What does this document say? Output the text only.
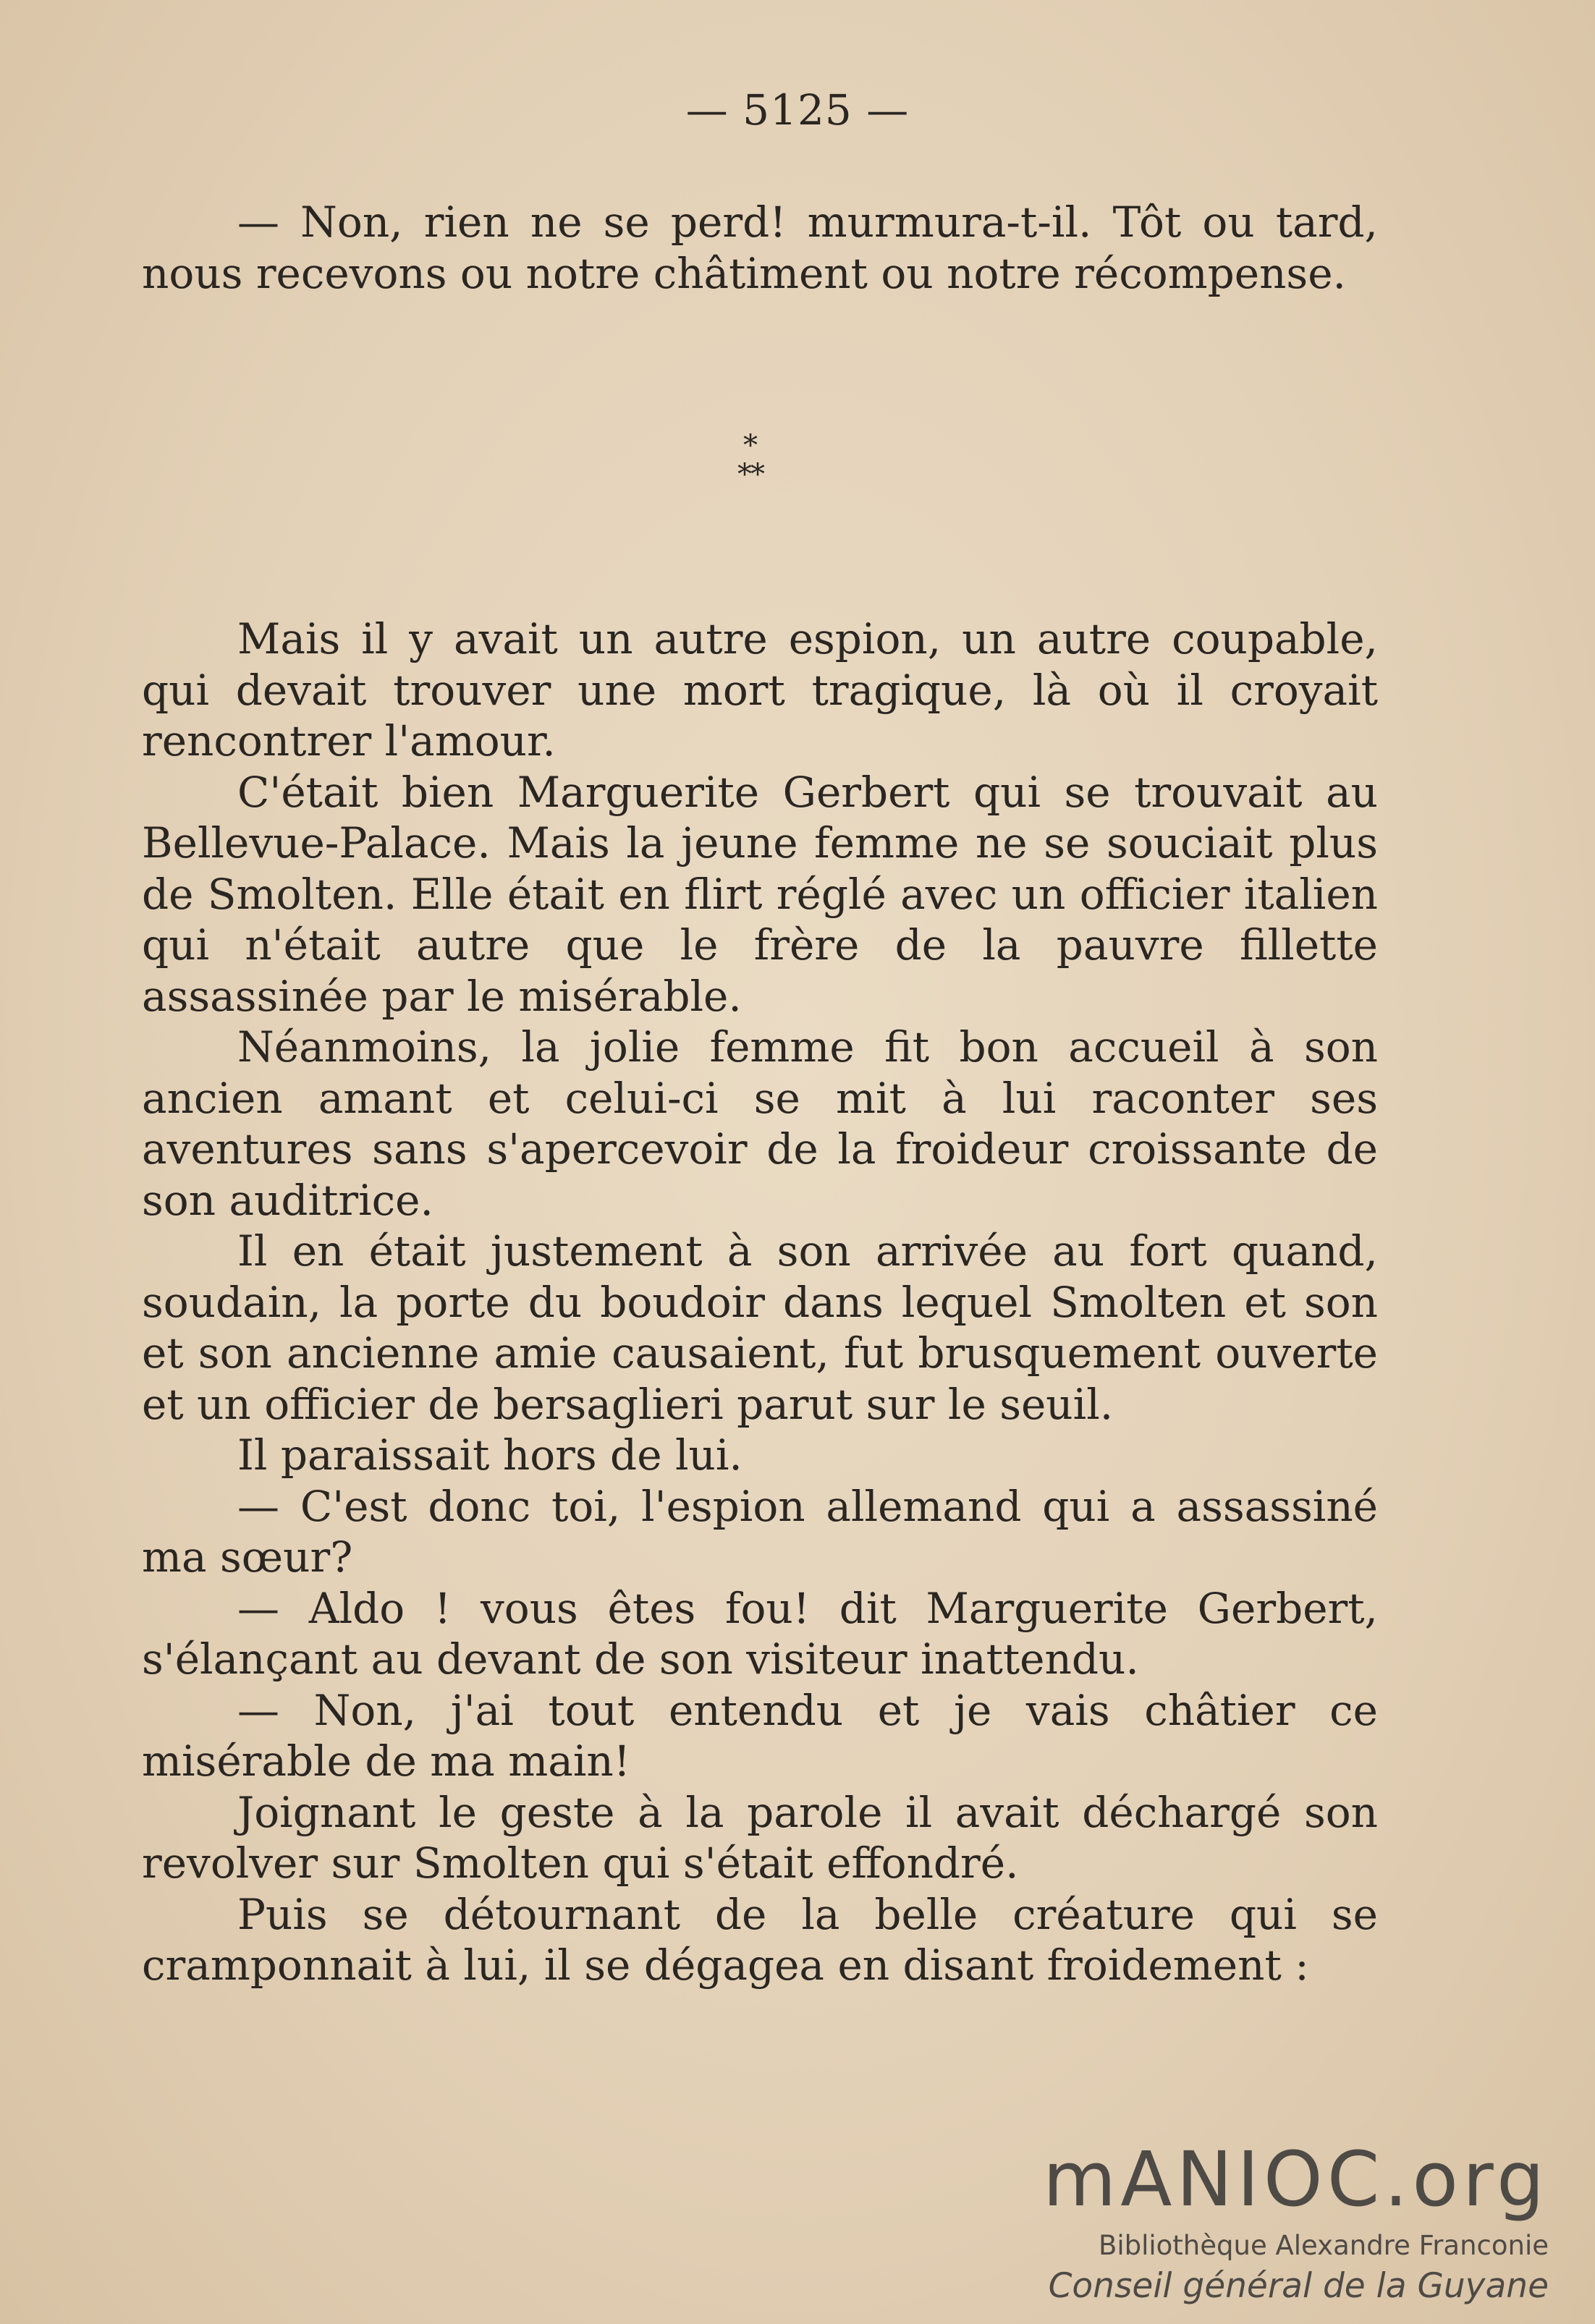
— 5125 —

— Non, rien ne se perd! murmura-t-il. Tôt ou tard, nous recevons ou notre châtiment ou notre récompense.

*
**

Mais il y avait un autre espion, un autre coupable, qui devait trouver une mort tragique, là où il croyait rencontrer l'amour.

C'était bien Marguerite Gerbert qui se trouvait au Bellevue-Palace. Mais la jeune femme ne se souciait plus de Smolten. Elle était en flirt réglé avec un officier italien qui n'était autre que le frère de la pauvre fillette assassinée par le misérable.

Néanmoins, la jolie femme fit bon accueil à son ancien amant et celui-ci se mit à lui raconter ses aventures sans s'apercevoir de la froideur croissante de son auditrice.

Il en était justement à son arrivée au fort quand, soudain, la porte du boudoir dans lequel Smolten et son et son ancienne amie causaient, fut brusquement ouverte et un officier de bersaglieri parut sur le seuil.

Il paraissait hors de lui.

— C'est donc toi, l'espion allemand qui a assassiné ma sœur?

— Aldo ! vous êtes fou! dit Marguerite Gerbert, s'élançant au devant de son visiteur inattendu.

— Non, j'ai tout entendu et je vais châtier ce misérable de ma main!

Joignant le geste à la parole il avait déchargé son revolver sur Smolten qui s'était effondré.

Puis se détournant de la belle créature qui se cramponnait à lui, il se dégagea en disant froidement :

mANIOC.org
Bibliothèque Alexandre Franconie
Conseil général de la Guyane
